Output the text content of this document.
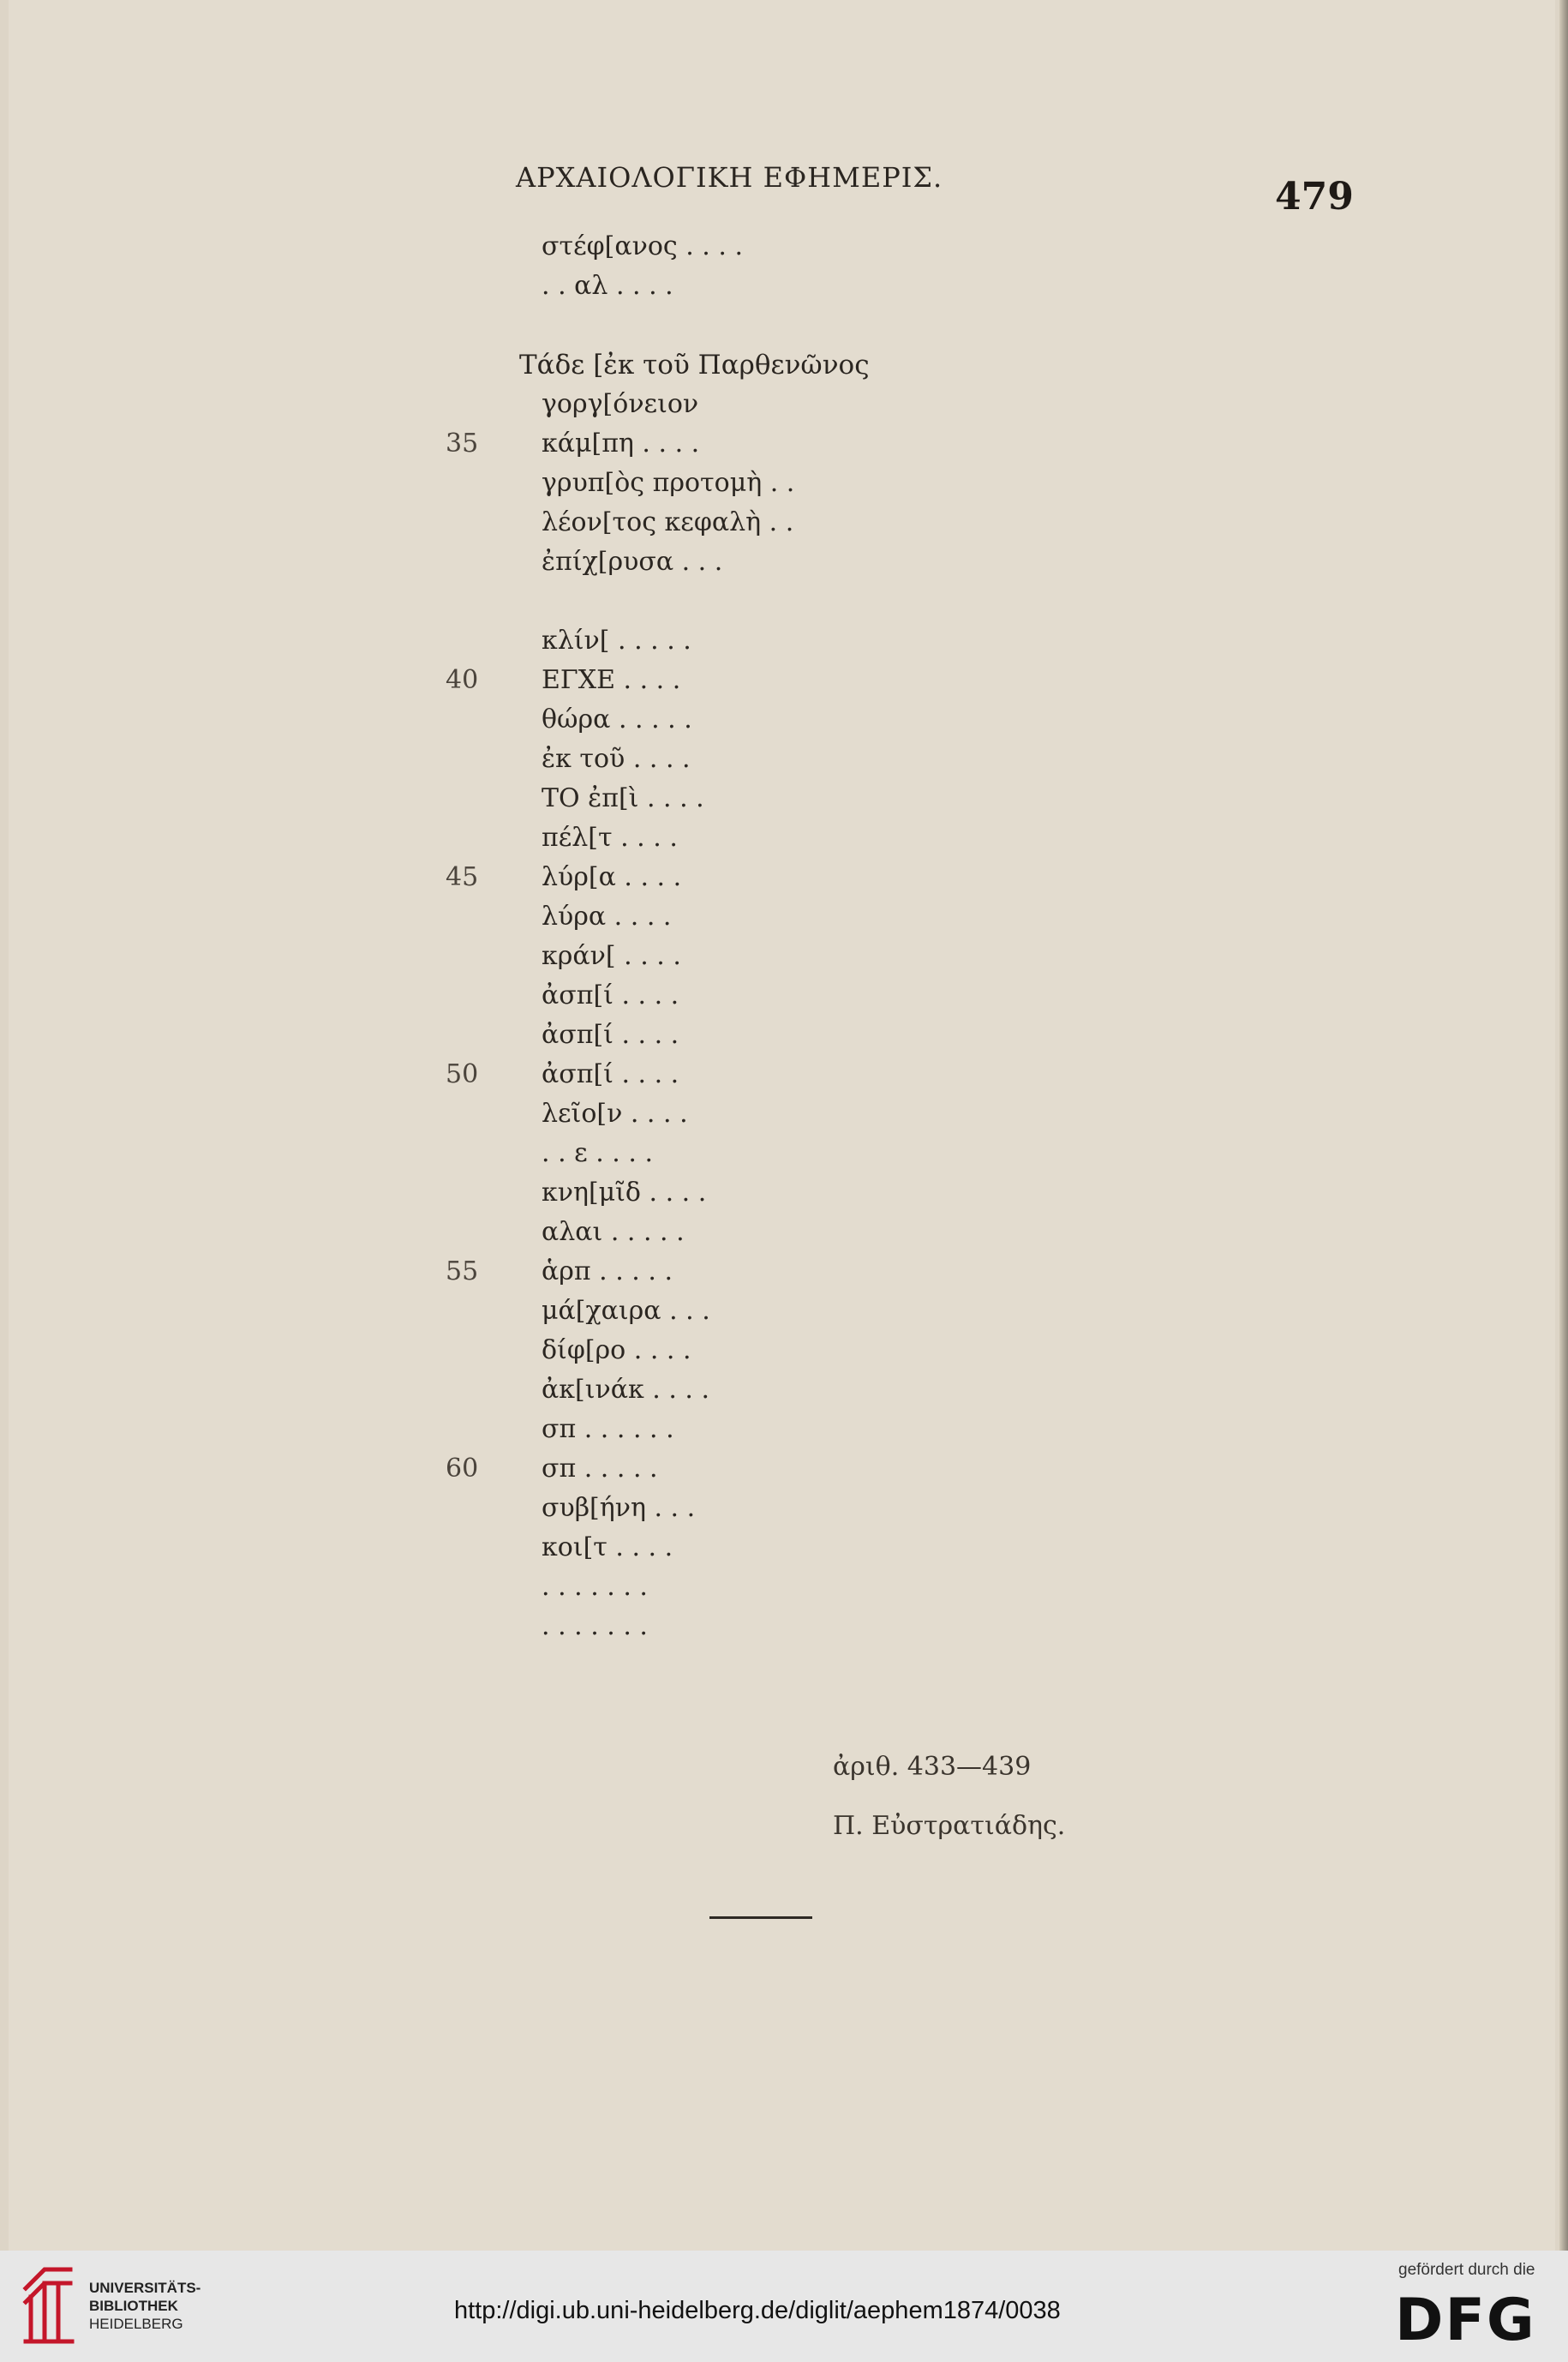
ΑΡΧΑΙΟΛΟΓΙΚΗ ΕΦΗΜΕΡΙΣ.	479
στέφ[ανος . . . .
. . αλ . . . .
Τάδε [ἐκ τοῦ Παρθενῶνος
γοργ[όνειον
35	κάμ[πη . . . .
γρυπ[ὸς προτομὴ . .
λέον[τος κεφαλὴ . .
ἐπίχ[ρυσα . . .
κλίν[ . . . . .
40	ΕΓΧΕ . . . .
θώρα . . . . .
ἐκ τοῦ . . . .
ΤΟ ἐπ[ὶ . . . .
πέλ[τ . . . .
45	λύρ[α . . . .
λύρα . . . .
κράν[ . . . .
ἀσπ[ί . . . .
ἀσπ[ί . . . .
50	ἀσπ[ί . . . .
λεῖο[ν . . . .
. . ε . . . .
κνη[μῖδ . . . .
αλαι . . . . .
55	ἁρπ . . . . .
μά[χαιρα . . .
δίφ[ρο . . . .
ἀκ[ινάκ . . . .
σπ . . . . . .
60	σπ . . . . .
συβ[ήνη . . .
κοι[τ . . . .
. . . . . . .
. . . . . . .
ἀριθ. 433—439
Π. Εὐστρατιάδης.
UNIVERSITÄTS-
BIBLIOTHEK
HEIDELBERG	http://digi.ub.uni-heidelberg.de/diglit/aephem1874/0038
gefördert durch die
DFG
